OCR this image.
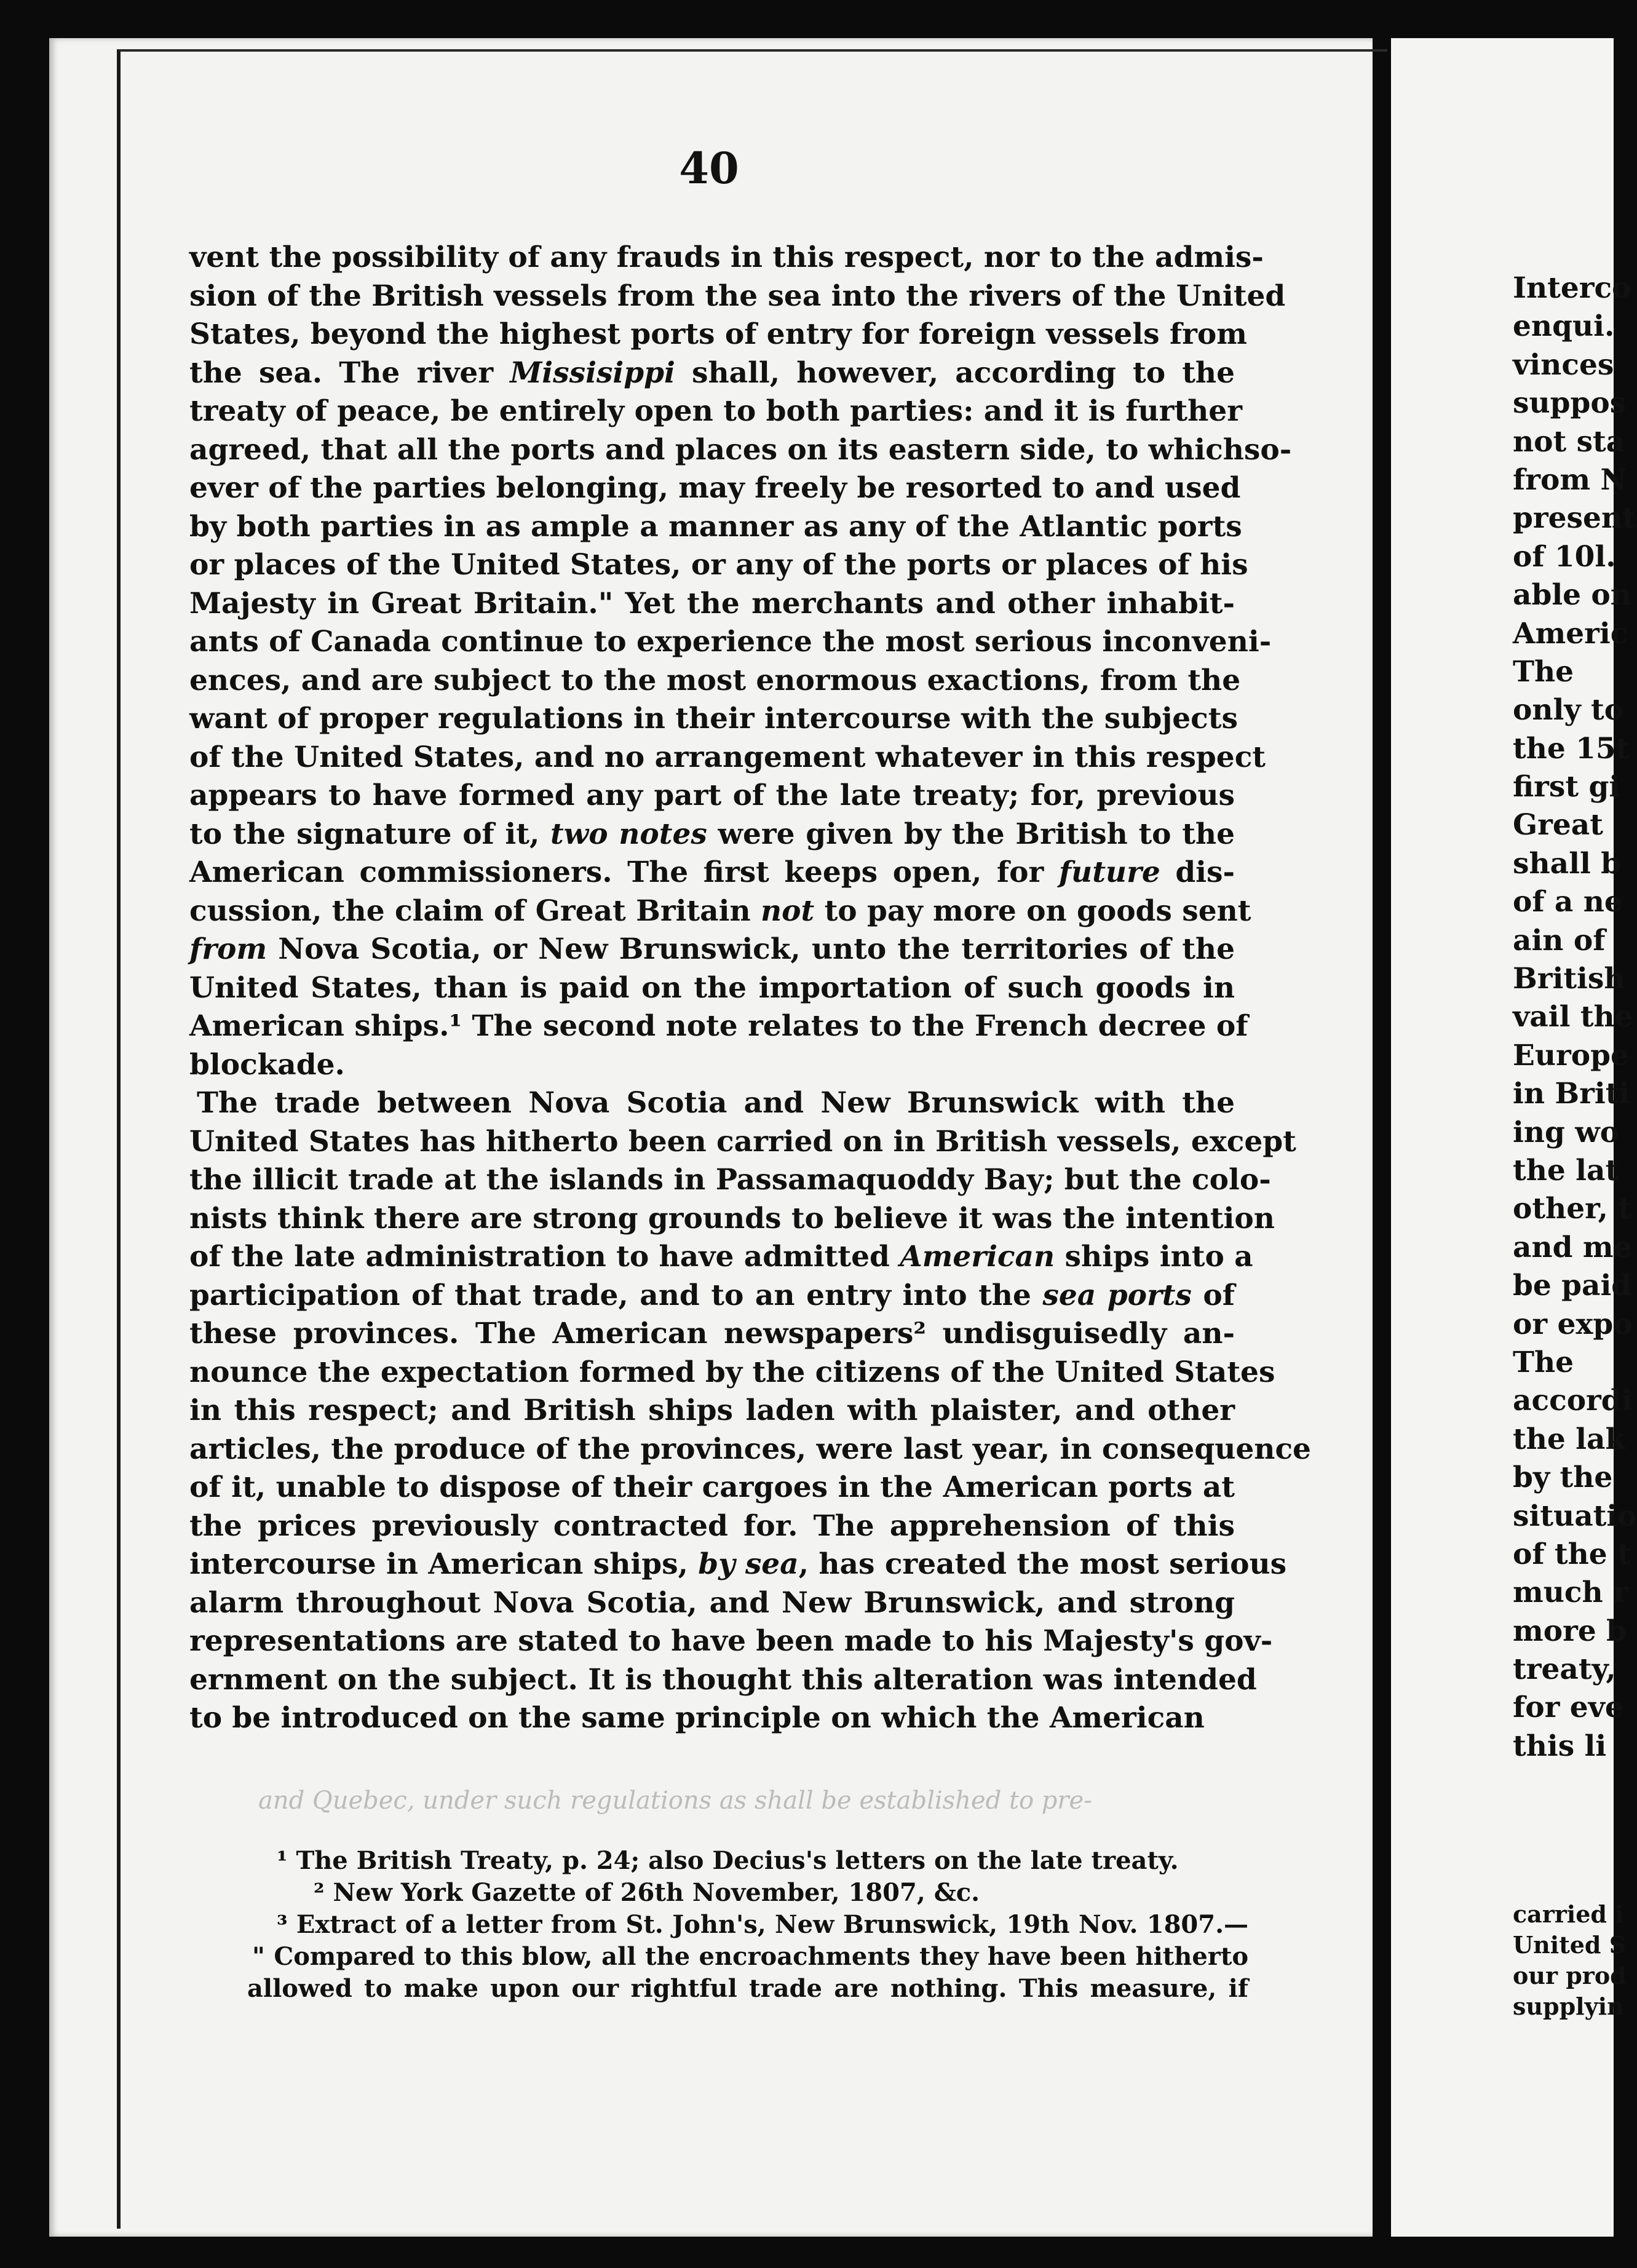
40
and Quebec, under such regulations as shall be established to pre-
vent the possibility of any frauds in this respect, nor to the admis-
sion of the British vessels from the sea into the rivers of the United
States, beyond the highest ports of entry for foreign vessels from
the sea. The river Missisippi shall, however, according to the
treaty of peace, be entirely open to both parties: and it is further
agreed, that all the ports and places on its eastern side, to whichso-
ever of the parties belonging, may freely be resorted to and used
by both parties in as ample a manner as any of the Atlantic ports
or places of the United States, or any of the ports or places of his
Majesty in Great Britain." Yet the merchants and other inhabit-
ants of Canada continue to experience the most serious inconveni-
ences, and are subject to the most enormous exactions, from the
want of proper regulations in their intercourse with the subjects
of the United States, and no arrangement whatever in this respect
appears to have formed any part of the late treaty; for, previous
to the signature of it, two notes were given by the British to the
American commissioners. The first keeps open, for future dis-
cussion, the claim of Great Britain not to pay more on goods sent
from Nova Scotia, or New Brunswick, unto the territories of the
United States, than is paid on the importation of such goods in
American ships.¹ The second note relates to the French decree of
blockade.
The trade between Nova Scotia and New Brunswick with the
United States has hitherto been carried on in British vessels, except
the illicit trade at the islands in Passamaquoddy Bay; but the colo-
nists think there are strong grounds to believe it was the intention
of the late administration to have admitted American ships into a
participation of that trade, and to an entry into the sea ports of
these provinces. The American newspapers² undisguisedly an-
nounce the expectation formed by the citizens of the United States
in this respect; and British ships laden with plaister, and other
articles, the produce of the provinces, were last year, in consequence
of it, unable to dispose of their cargoes in the American ports at
the prices previously contracted for. The apprehension of this
intercourse in American ships, by sea, has created the most serious
alarm throughout Nova Scotia, and New Brunswick, and strong
representations are stated to have been made to his Majesty's gov-
ernment on the subject. It is thought this alteration was intended
to be introduced on the same principle on which the American
¹ The British Treaty, p. 24; also Decius's letters on the late treaty.
² New York Gazette of 26th November, 1807, &c.
³ Extract of a letter from St. John's, New Brunswick, 19th Nov. 1807.—
" Compared to this blow, all the encroachments they have been hitherto
allowed to make upon our rightful trade are nothing. This measure, if
Interco
enqui.
vinces
suppos
not sta
from N
present
of 10l.
able on
Americ
The
only to
the 15t
first gi
Great
shall b
of a ne
ain of
British
vail the
Europe
in Briti
ing wo
the lat
other, t
and me
be paid
or expo
The
accordi
the lak
by the
situatio
of the t
much r
more b
treaty,
for eve
this li
carried i
United S
our prod
supplyin
